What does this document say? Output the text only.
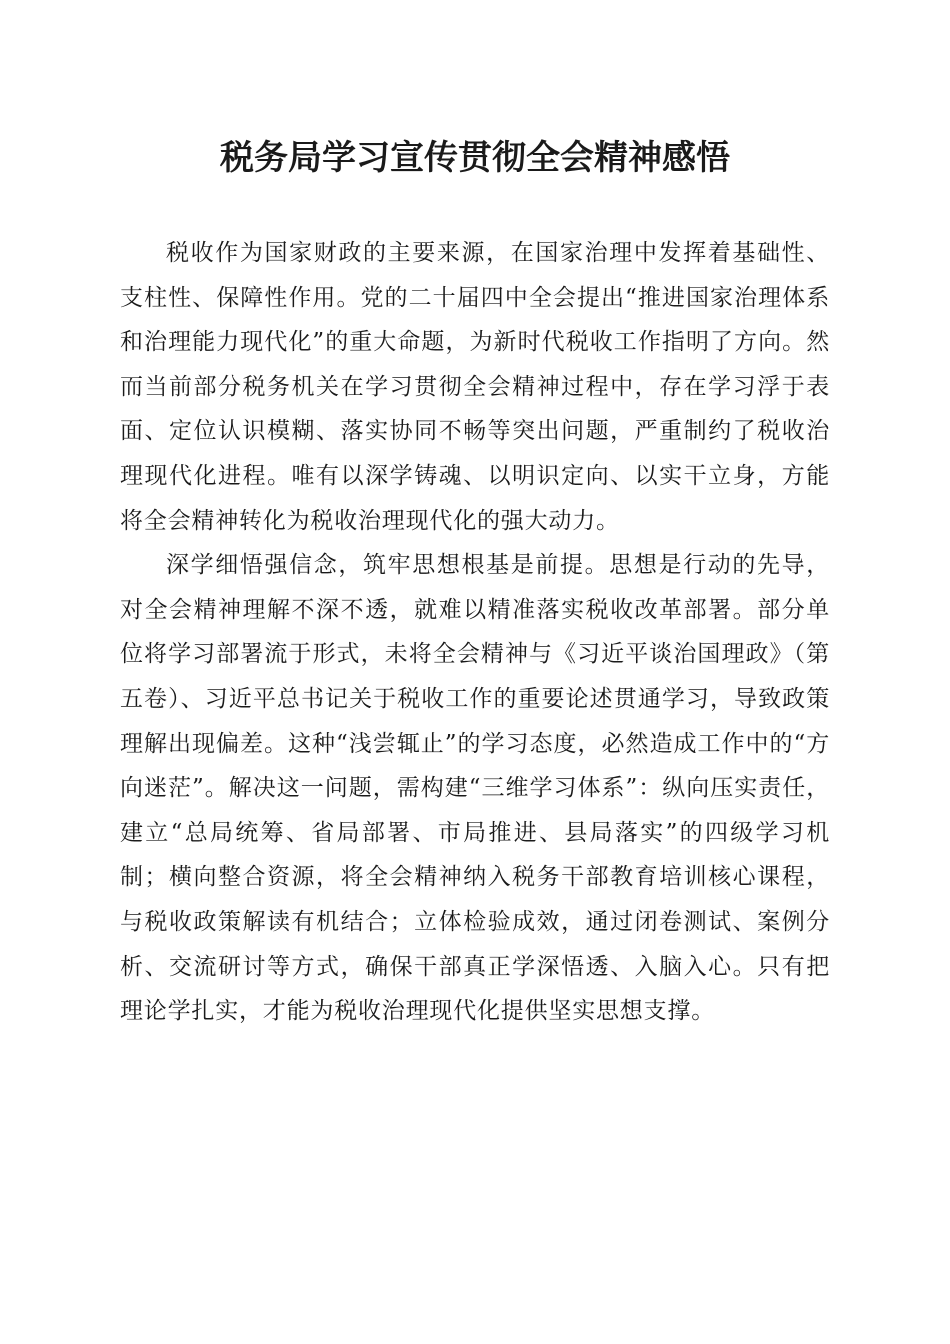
税务局学习宣传贯彻全会精神感悟

税收作为国家财政的主要来源，在国家治理中发挥着基础性、支柱性、保障性作用。党的二十届四中全会提出“推进国家治理体系和治理能力现代化”的重大命题，为新时代税收工作指明了方向。然而当前部分税务机关在学习贯彻全会精神过程中，存在学习浮于表面、定位认识模糊、落实协同不畅等突出问题，严重制约了税收治理现代化进程。唯有以深学铸魂、以明识定向、以实干立身，方能将全会精神转化为税收治理现代化的强大动力。

深学细悟强信念，筑牢思想根基是前提。思想是行动的先导，对全会精神理解不深不透，就难以精准落实税收改革部署。部分单位将学习部署流于形式，未将全会精神与《习近平谈治国理政》（第五卷）、习近平总书记关于税收工作的重要论述贯通学习，导致政策理解出现偏差。这种“浅尝辄止”的学习态度，必然造成工作中的“方向迷茫”。解决这一问题，需构建“三维学习体系”：纵向压实责任，建立“总局统筹、省局部署、市局推进、县局落实”的四级学习机制；横向整合资源，将全会精神纳入税务干部教育培训核心课程，与税收政策解读有机结合；立体检验成效，通过闭卷测试、案例分析、交流研讨等方式，确保干部真正学深悟透、入脑入心。只有把理论学扎实，才能为税收治理现代化提供坚实思想支撑。
